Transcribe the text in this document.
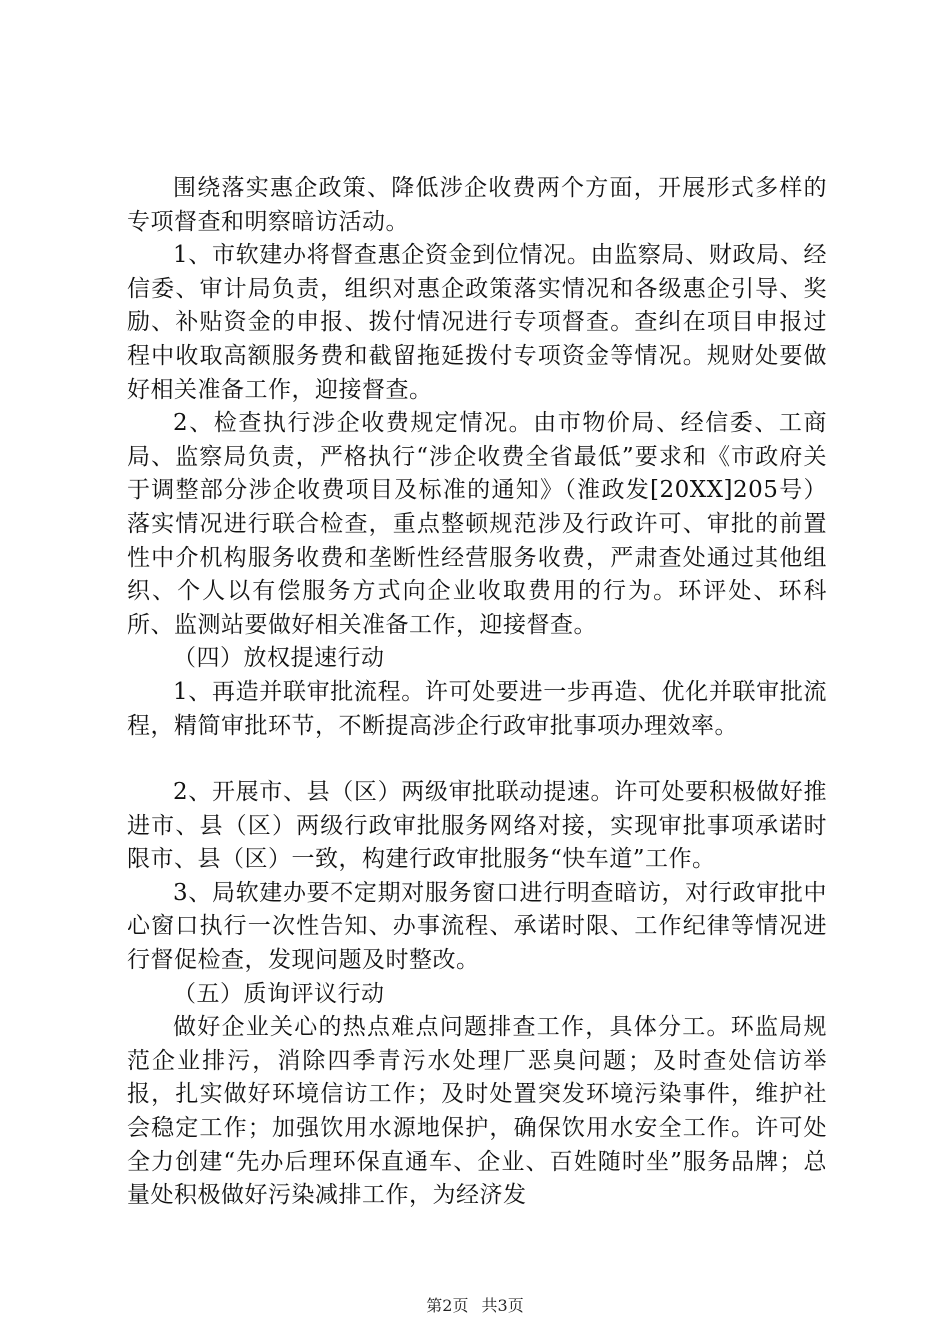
围绕落实惠企政策、降低涉企收费两个方面，开展形式多样的专项督查和明察暗访活动。

1、市软建办将督查惠企资金到位情况。由监察局、财政局、经信委、审计局负责，组织对惠企政策落实情况和各级惠企引导、奖励、补贴资金的申报、拨付情况进行专项督查。查纠在项目申报过程中收取高额服务费和截留拖延拨付专项资金等情况。规财处要做好相关准备工作，迎接督查。

2、检查执行涉企收费规定情况。由市物价局、经信委、工商局、监察局负责，严格执行“涉企收费全省最低”要求和《市政府关于调整部分涉企收费项目及标准的通知》（淮政发[20XX]205号）落实情况进行联合检查，重点整顿规范涉及行政许可、审批的前置性中介机构服务收费和垄断性经营服务收费，严肃查处通过其他组织、个人以有偿服务方式向企业收取费用的行为。环评处、环科所、监测站要做好相关准备工作，迎接督查。

（四）放权提速行动

1、再造并联审批流程。许可处要进一步再造、优化并联审批流程，精简审批环节，不断提高涉企行政审批事项办理效率。

2、开展市、县（区）两级审批联动提速。许可处要积极做好推进市、县（区）两级行政审批服务网络对接，实现审批事项承诺时限市、县（区）一致，构建行政审批服务“快车道”工作。

3、局软建办要不定期对服务窗口进行明查暗访，对行政审批中心窗口执行一次性告知、办事流程、承诺时限、工作纪律等情况进行督促检查，发现问题及时整改。

（五）质询评议行动

做好企业关心的热点难点问题排查工作，具体分工。环监局规范企业排污，消除四季青污水处理厂恶臭问题；及时查处信访举报，扎实做好环境信访工作；及时处置突发环境污染事件，维护社会稳定工作；加强饮用水源地保护，确保饮用水安全工作。许可处全力创建“先办后理环保直通车、企业、百姓随时坐”服务品牌；总量处积极做好污染减排工作，为经济发

第2页 共3页
